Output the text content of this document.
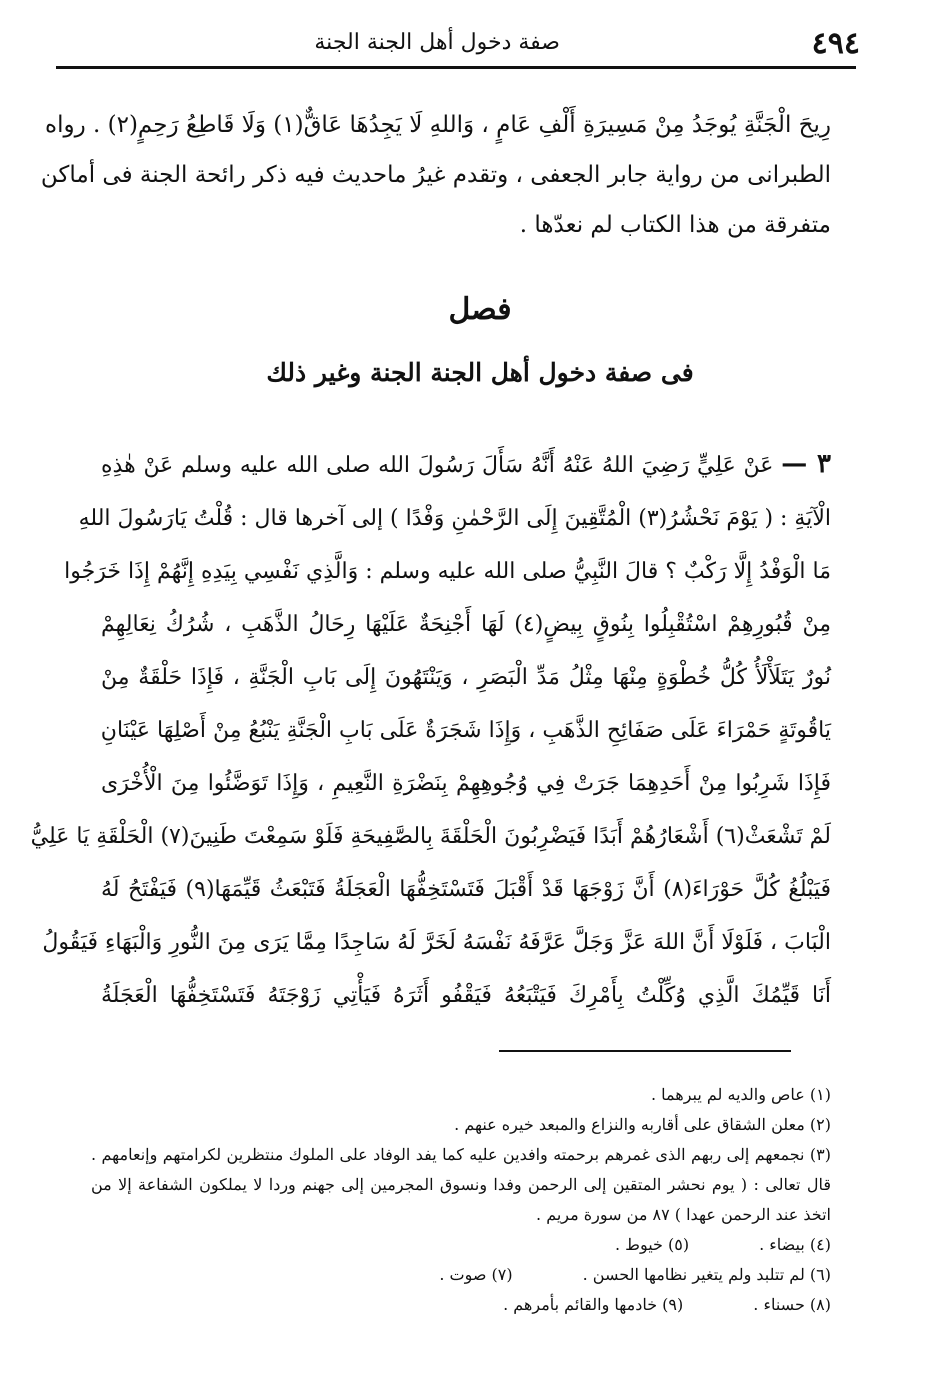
٤٩٤
صفة دخول أهل الجنة الجنة
رِيحَ الْجَنَّةِ يُوجَدُ مِنْ مَسِيرَةِ أَلْفِ عَامٍ ، وَاللهِ لَا يَجِدُهَا عَاقٌّ(١) وَلَا قَاطِعُ رَحِمٍ(٢) . رواه
الطبرانى من رواية جابر الجعفى ، وتقدم غيرُ ماحديث فيه ذكر رائحة الجنة فى أماكن
متفرقة من هذا الكتاب لم نعدّها .
فصل
فى صفة دخول أهل الجنة الجنة وغير ذلك
٣ — عَنْ عَلِيٍّ رَضِيَ اللهُ عَنْهُ أَنَّهُ سَأَلَ رَسُولَ الله صلى الله عليه وسلم عَنْ هٰذِهِ
الْآيَةِ : ( يَوْمَ نَحْشُرُ(٣) الْمُتَّقِينَ إِلَى الرَّحْمٰنِ وَفْدًا ) إلى آخرها قال : قُلْتُ يَارَسُولَ اللهِ
مَا الْوَفْدُ إِلَّا رَكْبٌ ؟ قالَ النَّبِيُّ صلى الله عليه وسلم : وَالَّذِي نَفْسِي بِيَدِهِ إِنَّهُمْ إِذَا خَرَجُوا
مِنْ قُبُورِهِمْ اسْتُقْبِلُوا بِنُوقٍ بِيضٍ(٤) لَهَا أَجْنِحَةٌ عَلَيْهَا رِحَالُ الذَّهَبِ ، شُرُكُ نِعَالِهِمْ
نُورٌ يَتَلَأْلَأُ كُلُّ خُطْوَةٍ مِنْهَا مِثْلُ مَدِّ الْبَصَرِ ، وَيَنْتَهُونَ إِلَى بَابِ الْجَنَّةِ ، فَإِذَا حَلْقَةٌ مِنْ
يَاقُوتَةٍ حَمْرَاءَ عَلَى صَفَائِحِ الذَّهَبِ ، وَإِذَا شَجَرَةٌ عَلَى بَابِ الْجَنَّةِ يَنْبُعُ مِنْ أَصْلِهَا عَيْنَانِ
فَإِذَا شَرِبُوا مِنْ أَحَدِهِمَا جَرَتْ فِي وُجُوهِهِمْ بِنَضْرَةِ النَّعِيمِ ، وَإِذَا تَوَضَّئُوا مِنَ الْأُخْرَى
لَمْ تَشْعَثْ(٦) أَشْعَارُهُمْ أَبَدًا فَيَضْرِبُونَ الْحَلْقَةَ بِالصَّفِيحَةِ فَلَوْ سَمِعْتَ طَنِينَ(٧) الْحَلْقَةِ يَا عَلِيُّ
فَيَبْلُغُ كُلَّ حَوْرَاءَ(٨) أَنَّ زَوْجَهَا قَدْ أَقْبَلَ فَتَسْتَخِفُّهَا الْعَجَلَةُ فَتَبْعَثُ قَيِّمَهَا(٩) فَيَفْتَحُ لَهُ
الْبَابَ ، فَلَوْلَا أَنَّ اللهَ عَزَّ وَجَلَّ عَرَّفَهُ نَفْسَهُ لَخَرَّ لَهُ سَاجِدًا مِمَّا يَرَى مِنَ النُّورِ وَالْبَهَاءِ فَيَقُولُ
أَنَا قَيِّمُكَ الَّذِي وُكِّلْتُ بِأَمْرِكَ فَيَتْبَعُهُ فَيَقْفُو أَثَرَهُ فَيَأْتِي زَوْجَتَهُ فَتَسْتَخِفُّهَا الْعَجَلَةُ
(١) عاص والديه لم يبرهما .
(٢) معلن الشقاق على أقاربه والنزاع والمبعد خيره عنهم .
(٣) نجمعهم إلى ربهم الذى غمرهم برحمته وافدين عليه كما يفد الوفاد على الملوك منتظرين لكرامتهم وإنعامهم .
قال تعالى : ( يوم نحشر المتقين إلى الرحمن وفدا ونسوق المجرمين إلى جهنم وردا لا يملكون الشفاعة إلا من
اتخذ عند الرحمن عهدا ) ٨٧ من سورة مريم .
(٤) بيضاء .(٥) خيوط .
(٦) لم تتلبد ولم يتغير نظامها الحسن .(٧) صوت .
(٨) حسناء .(٩) خادمها والقائم بأمرهم .
